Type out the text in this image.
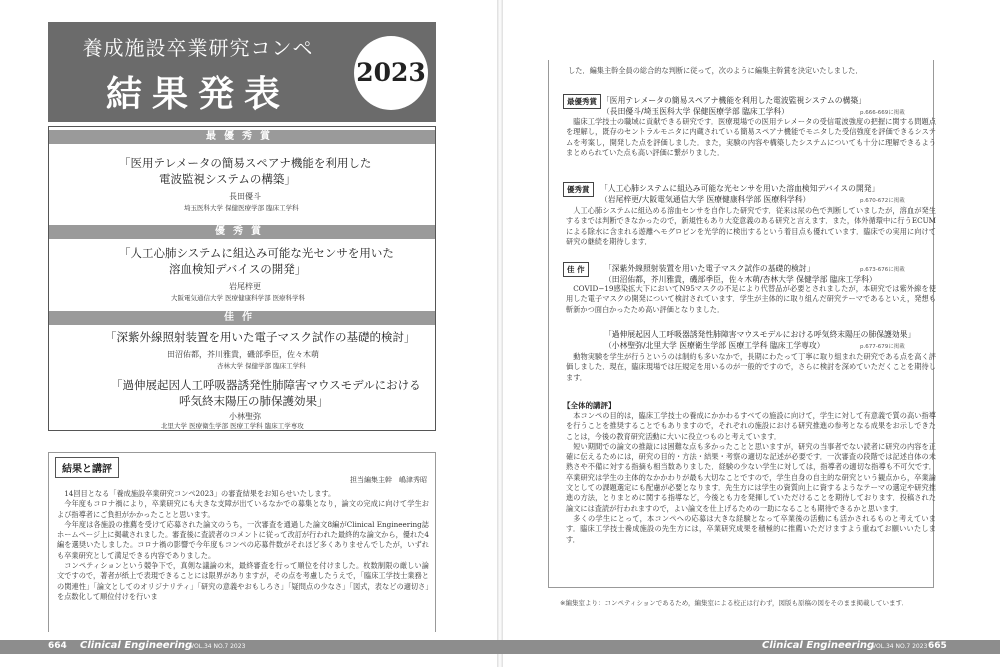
養成施設卒業研究コンペ
結果発表
2023
最優秀賞
「医用テレメータの簡易スペアナ機能を利用した
電波監視システムの構築」
長田優斗
埼玉医科大学 保健医療学部 臨床工学科
優秀賞
「人工心肺システムに組込み可能な光センサを用いた
溶血検知デバイスの開発」
岩尾梓更
大阪電気通信大学 医療健康科学部 医療科学科
佳作
「深紫外線照射装置を用いた電子マスク試作の基礎的検討」
田沼佑都，芥川雅貴，磯部季臣，佐々木萌
杏林大学 保健学部 臨床工学科
「過伸展起因人工呼吸器誘発性肺障害マウスモデルにおける
呼気終末陽圧の肺保護効果」
小林聖弥
北里大学 医療衛生学部 医療工学科 臨床工学専攻
結果と講評
担当編集主幹　嶋津秀昭

14回目となる「養成施設卒業研究コンペ2023」の審査結果をお知らせいたします。

今年度もコロナ禍により，卒業研究にも大きな支障が出ているなかでの募集となり，論文の完成に向けて学生および指導者にご負担がかかったことと思います。

今年度は各施設の推薦を受けて応募された論文のうち，一次審査を通過した論文8編がClinical Engineering誌ホームページ上に掲載されました。審査後に査読者のコメントに従って改訂が行われた最終的な論文から，優れた4編を選奨いたしました。コロナ禍の影響で今年度もコンペの応募件数がそれほど多くありませんでしたが，いずれも卒業研究として満足できる内容でありました。

コンペティションという競争下で，真剣な議論の末，最終審査を行って順位を付けました。枚数制限の厳しい論文ですので，著者が紙上で表現できることには限界がありますが，その点を考慮したうえで，「臨床工学技士業務との関連性」「論文としてのオリジナリティ」「研究の意義やおもしろさ」「疑問点の少なさ」「図式，表などの適切さ」を点数化して順位付けを行いま

した．編集主幹全員の総合的な判断に従って，次のように編集主幹賞を決定いたしました．
最優秀賞 「医用テレメータの簡易スペアナ機能を利用した電波監視システムの構築」
（長田優斗/埼玉医科大学 保健医療学部 臨床工学科）	p.666-669に掲載

臨床工学技士の職域に貢献できる研究です．医療現場での医用テレメータの受信電波強度の把握に関する問題点を理解し，既存のセントラルモニタに内蔵されている簡易スペアナ機能でモニタした受信強度を評価できるシステムを考案し，開発した点を評価しました．また，実験の内容や構築したシステムについても十分に理解できるようまとめられていた点も高い評価に繋がりました．

優秀賞	「人工心肺システムに組込み可能な光センサを用いた溶血検知デバイスの開発」
（岩尾梓更/大阪電気通信大学 医療健康科学部 医療科学科）	p.670-672に掲載

人工心肺システムに組込める溶血センサを自作した研究です．従来は尿の色で判断していましたが，溶血が発生するまでは判断できなかったので，新規性もあり大変意義のある研究と言えます．また，体外循環中に行うECUMによる除水に含まれる遊離ヘモグロビンを光学的に検出するという着目点も優れています．臨床での実用に向けて研究の継続を期待します．

佳 作	「深紫外線照射装置を用いた電子マスク試作の基礎的検討」
（田沼佑都，芥川雅貴，磯部季臣，佐々木萌/杏林大学 保健学部 臨床工学科）
p.673-676に掲載

COVID−19感染拡大下においてN95マスクの不足により代替品が必要とされましたが，本研究では紫外線を使用した電子マスクの開発について検討されています．学生が主体的に取り組んだ研究テーマであるといえ，発想も斬新かつ面白かったため高い評価となりました．

「過伸展起因人工呼吸器誘発性肺障害マウスモデルにおける呼気終末陽圧の肺保護効果」
（小林聖弥/北里大学 医療衛生学部 医療工学科 臨床工学専攻）	p.677-679に掲載

動物実験を学生が行うというのは制約も多いなかで，長期にわたって丁寧に取り組まれた研究である点を高く評価しました．現在，臨床現場では圧規定を用いるのが一般的ですので，さらに検討を深めていただくことを期待します．

【全体的講評】

本コンペの目的は，臨床工学技士の養成にかかわるすべての施設に向けて，学生に対して有意義で質の高い指導を行うことを推奨することでもありますので，それぞれの施設における研究推進の参考となる成果をお示しできたことは，今後の教育研究活動に大いに役立つものと考えています．

短い期間での論文の推敲には困難な点も多かったことと思いますが，研究の当事者でない読者に研究の内容を正確に伝えるためには，研究の目的・方法・結果・考察の適切な記述が必要です．一次審査の段階では記述自体の未熟さや不備に対する指摘も相当数ありました．経験の少ない学生に対しては，指導者の適切な指導も不可欠です．卒業研究は学生の主体的なかかわりが最も大切なことですので，学生自身の自主的な研究という観点から，卒業論文としての課題選定にも配慮が必要となります．先生方には学生の資質向上に資するようなテーマの選定や研究推進の方法，とりまとめに関する指導など，今後とも力を発揮していただけることを期待しております．投稿された論文には査読が行われますので，よい論文を仕上げるための一助になることも期待できるかと思います．

多くの学生にとって，本コンペへの応募は大きな経験となって卒業後の活動にも活かされるものと考えています．臨床工学技士養成施設の先生方には，卒業研究成果を積極的に推薦いただけますよう重ねてお願いいたします．

※編集室より：コンペティションであるため，編集室による校正は行わず，図版も原稿の図をそのまま掲載しています．
664 Clinical Engineering
VOL.34 NO.7 2023	Clinical Engineering
VOL.34 NO.7 2023 665
